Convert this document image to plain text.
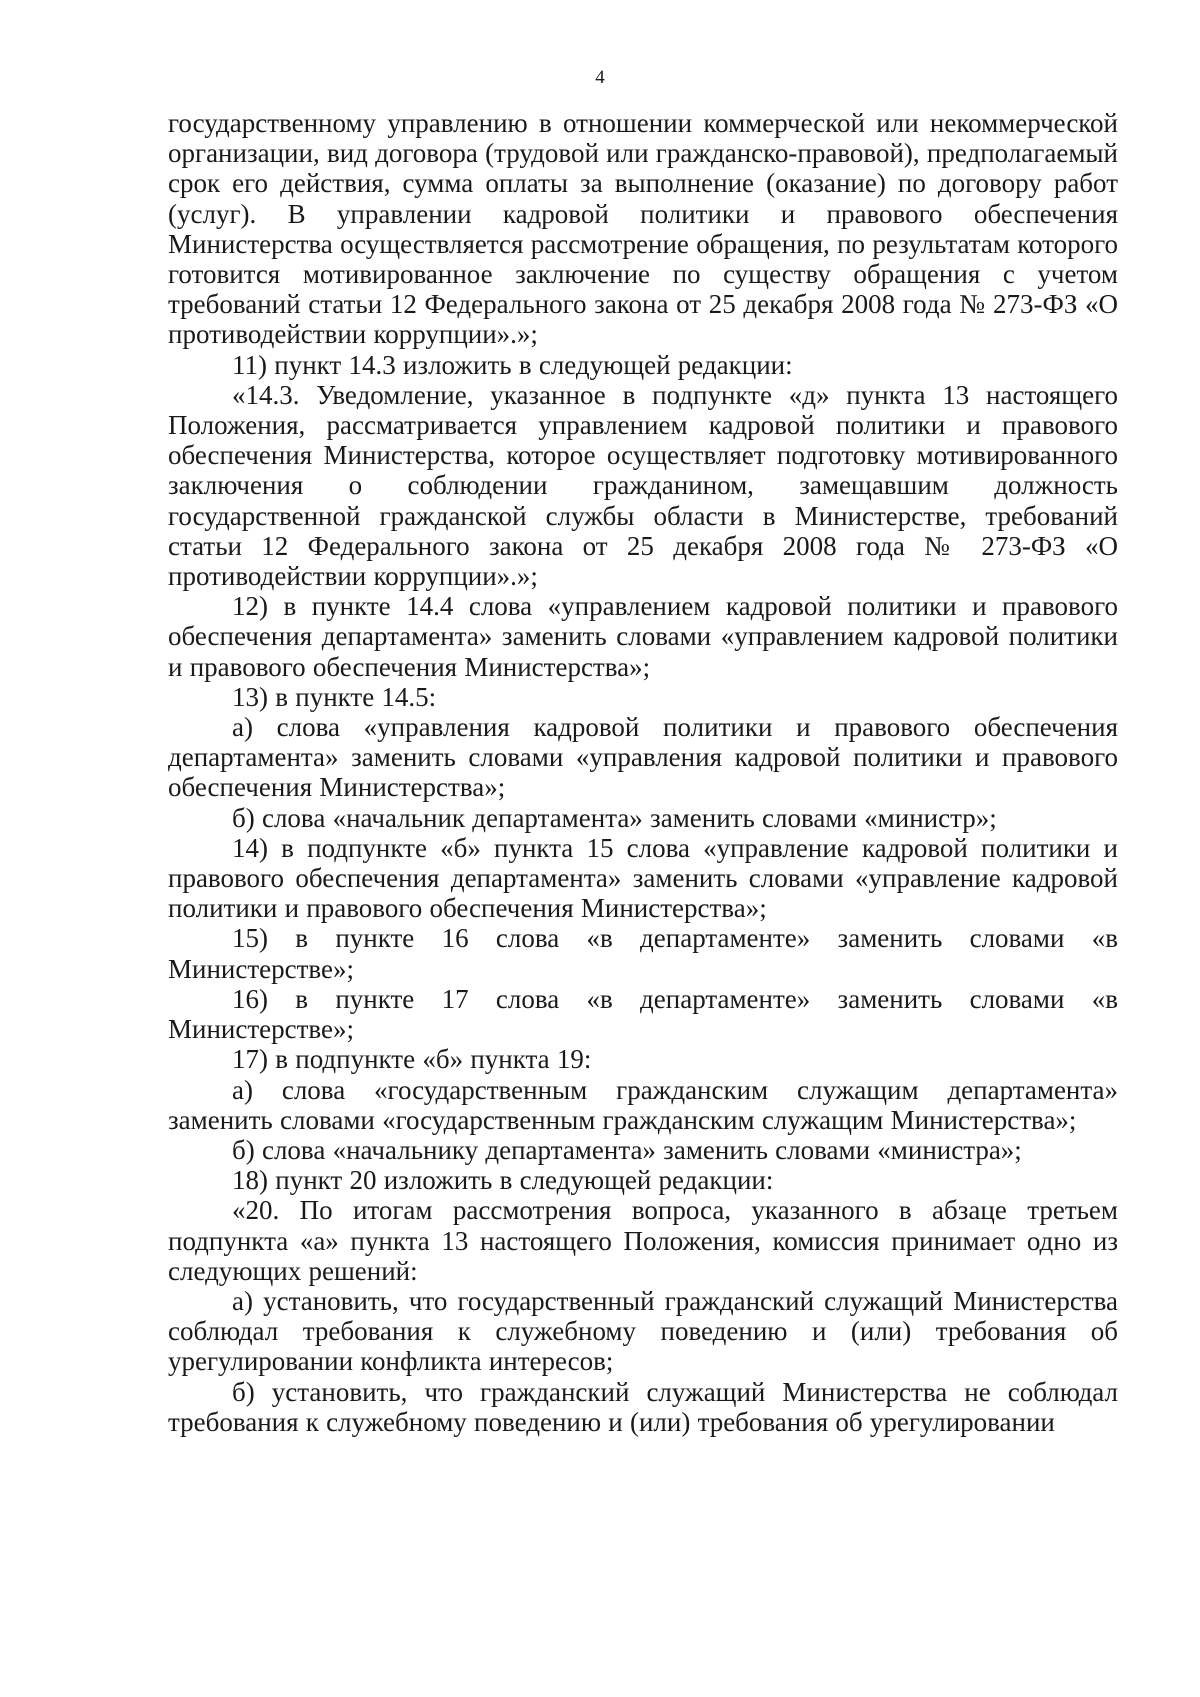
4

государственному управлению в отношении коммерческой или некоммерческой организации, вид договора (трудовой или гражданско-правовой), предполагаемый срок его действия, сумма оплаты за выполнение (оказание) по договору работ (услуг). В управлении кадровой политики и правового обеспечения Министерства осуществляется рассмотрение обращения, по результатам которого готовится мотивированное заключение по существу обращения с учетом требований статьи 12 Федерального закона от 25 декабря 2008 года № 273-ФЗ «О противодействии коррупции».»;

11) пункт 14.3 изложить в следующей редакции:

«14.3. Уведомление, указанное в подпункте «д» пункта 13 настоящего Положения, рассматривается управлением кадровой политики и правового обеспечения Министерства, которое осуществляет подготовку мотивированного заключения о соблюдении гражданином, замещавшим должность государственной гражданской службы области в Министерстве, требований статьи 12 Федерального закона от 25 декабря 2008 года № 273-ФЗ «О противодействии коррупции».»;

12) в пункте 14.4 слова «управлением кадровой политики и правового обеспечения департамента» заменить словами «управлением кадровой политики и правового обеспечения Министерства»;

13) в пункте 14.5:

а) слова «управления кадровой политики и правового обеспечения департамента» заменить словами «управления кадровой политики и правового обеспечения Министерства»;

б) слова «начальник департамента» заменить словами «министр»;

14) в подпункте «б» пункта 15 слова «управление кадровой политики и правового обеспечения департамента» заменить словами «управление кадровой политики и правового обеспечения Министерства»;

15) в пункте 16 слова «в департаменте» заменить словами «в Министерстве»;

16) в пункте 17 слова «в департаменте» заменить словами «в Министерстве»;

17) в подпункте «б» пункта 19:

а) слова «государственным гражданским служащим департамента» заменить словами «государственным гражданским служащим Министерства»;

б) слова «начальнику департамента» заменить словами «министра»;

18) пункт 20 изложить в следующей редакции:

«20. По итогам рассмотрения вопроса, указанного в абзаце третьем подпункта «а» пункта 13 настоящего Положения, комиссия принимает одно из следующих решений:

а) установить, что государственный гражданский служащий Министерства соблюдал требования к служебному поведению и (или) требования об урегулировании конфликта интересов;

б) установить, что гражданский служащий Министерства не соблюдал требования к служебному поведению и (или) требования об урегулировании
